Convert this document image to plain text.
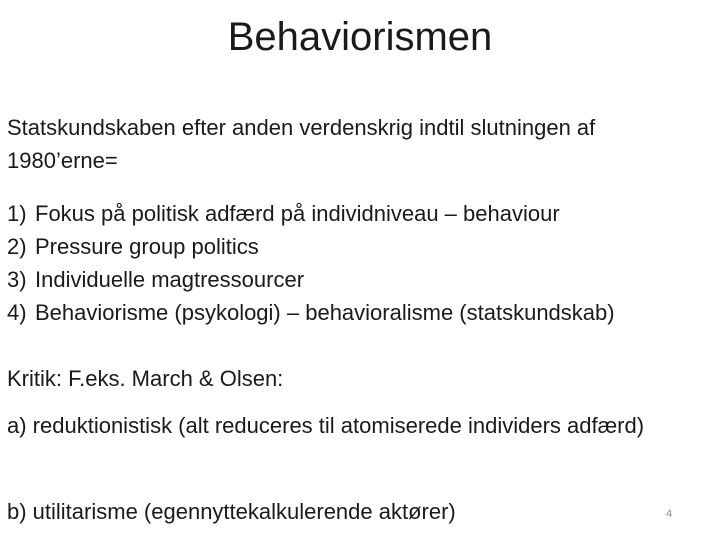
Behaviorismen
Statskundskaben efter anden verdenskrig indtil slutningen af 1980’erne=
1) Fokus på politisk adfærd på individniveau – behaviour
2) Pressure group politics
3) Individuelle magtressourcer
4) Behaviorisme (psykologi) – behavioralisme (statskundskab)
Kritik: F.eks. March & Olsen:
a) reduktionistisk (alt reduceres til atomiserede individers adfærd)
b) utilitarisme (egennyttekalkulerende aktører)	4
